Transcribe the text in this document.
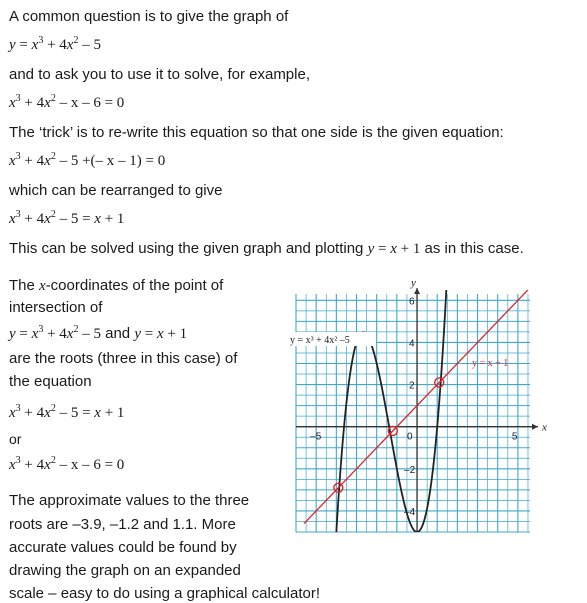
A common question is to give the graph of
$y = x^3 + 4x^2 - 5$
and to ask you to use it to solve, for example,
$x^3 + 4x^2 - x - 6 = 0$
The ‘trick’ is to re-write this equation so that one side is the given equation:
$x^3 + 4x^2 - 5$ +(– x – 1) = 0
which can be rearranged to give
$x^3 + 4x^2 - 5 = x + 1$
This can be solved using the given graph and plotting y = x + 1 as in this case.
The x-coordinates of the point of
intersection of
$y = x^3 + 4x^2 - 5$ and y = x + 1
are the roots (three in this case) of
the equation
$x^3 + 4x^2 - 5 = x + 1$
or
$x^3 + 4x^2 - x - 6 = 0$
The approximate values to the three
roots are –3.9, –1.2 and 1.1. More
accurate values could be found by
drawing the graph on an expanded
scale – easy to do using a graphical calculator!
x
y
–5	0	5
6
4
2
–2
–4
y = x³ + 4x² –5
y = x + 1
